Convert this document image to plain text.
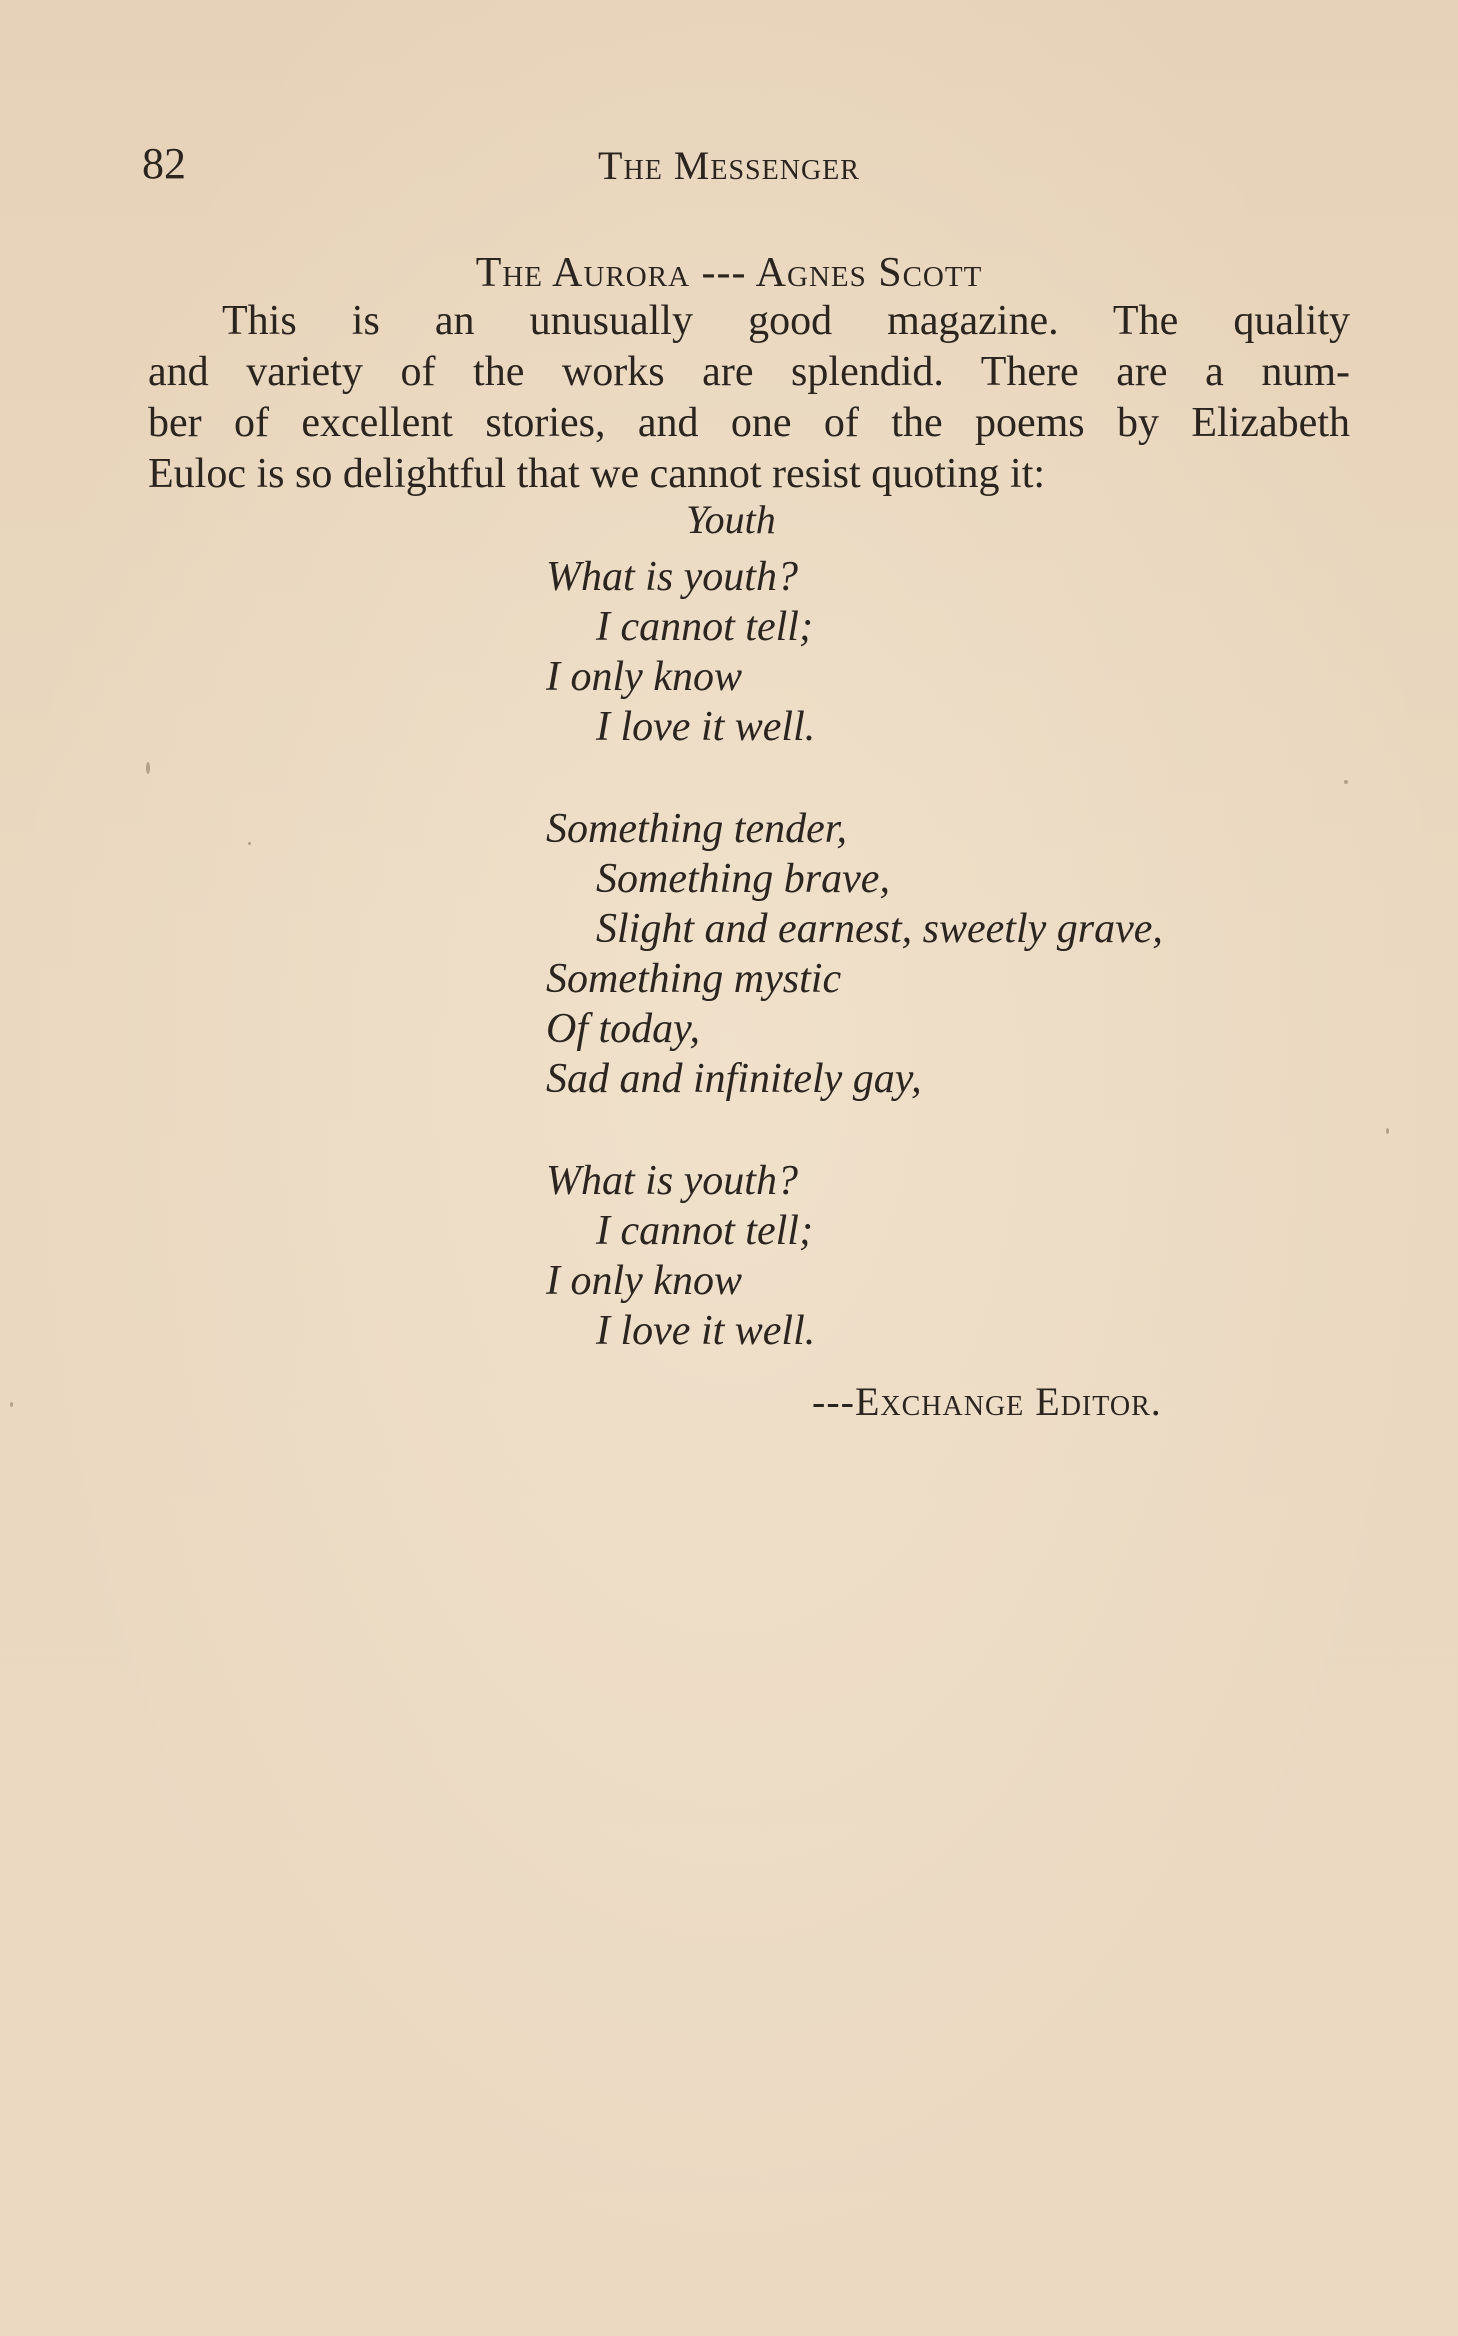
82	The Messenger
The Aurora --- Agnes Scott
This is an unusually good magazine. The quality
and variety of the works are splendid. There are a num-
ber of excellent stories, and one of the poems by Elizabeth
Euloc is so delightful that we cannot resist quoting it:
Youth
What is youth?
I cannot tell;
I only know
I love it well.
Something tender,
Something brave,
Slight and earnest, sweetly grave,
Something mystic
Of today,
Sad and infinitely gay,
What is youth?
I cannot tell;
I only know
I love it well.
---Exchange Editor.
